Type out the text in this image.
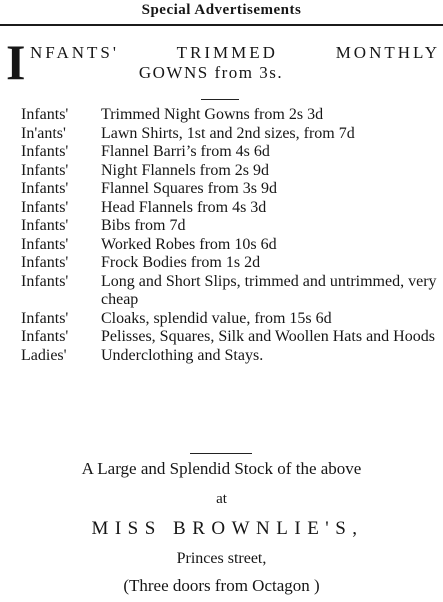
Special Advertisements
I NFANTS'	TRIMMED	MONTHLY
GOWNS from 3s.
Infants'	Trimmed Night Gowns from 2s 3d
In'ants'	Lawn Shirts, 1st and 2nd sizes, from 7d
Infants'	Flannel Barri’s from 4s 6d
Infants'	Night Flannels from 2s 9d
Infants'	Flannel Squares from 3s 9d
Infants'	Head Flannels from 4s 3d
Infants'	Bibs from 7d
Infants'	Worked Robes from 10s 6d
Infants'	Frock Bodies from 1s 2d
Infants'	Long and Short Slips, trimmed and untrimmed, very cheap
Infants'	Cloaks, splendid value, from 15s 6d
Infants'	Pelisses, Squares, Silk and Woollen Hats and Hoods
Ladies'	Underclothing and Stays.
A Large and Splendid Stock of the above
at
MISS BROWNLIE'S,
Princes street,
(Three doors from Octagon )
